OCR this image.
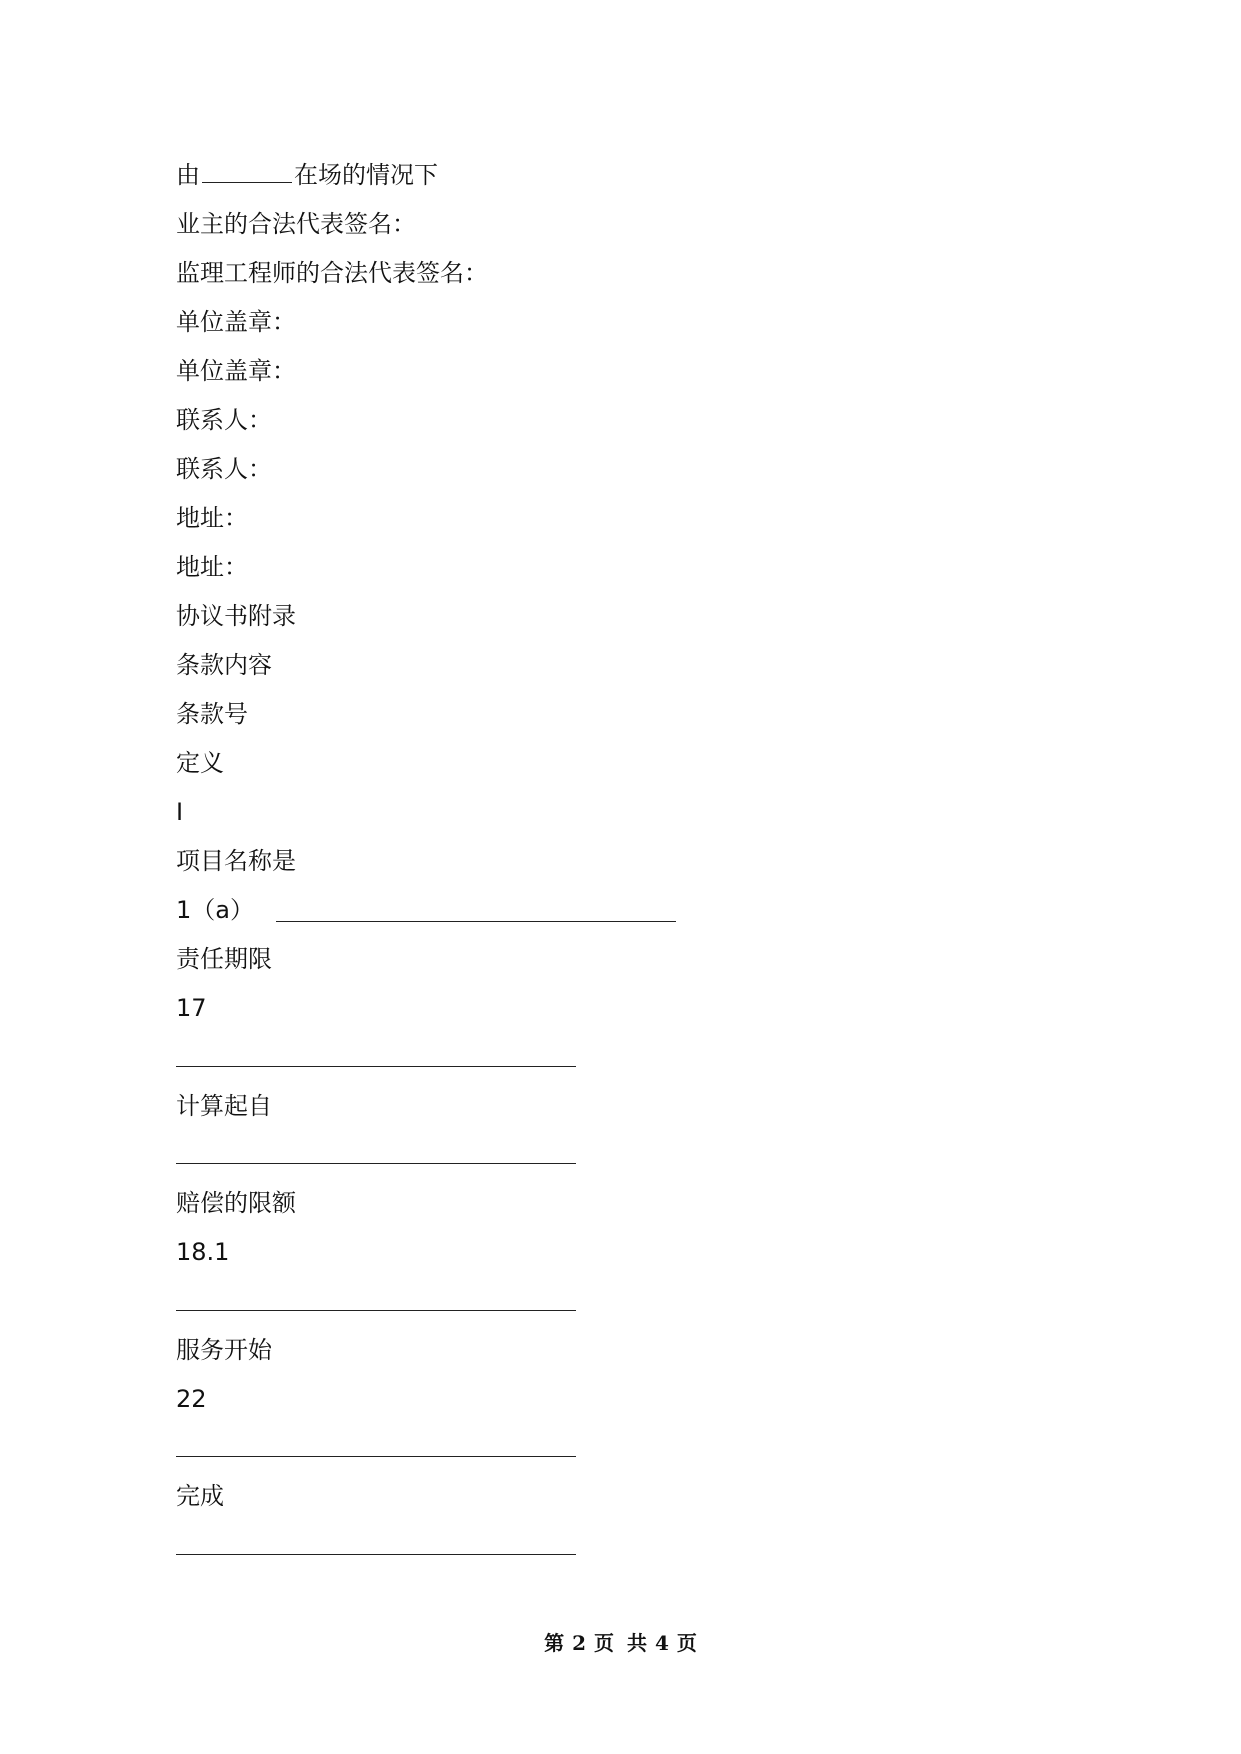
由	在场的情况下
业主的合法代表签名：
监理工程师的合法代表签名：
单位盖章：
单位盖章：
联系人：
联系人：
地址：
地址：
协议书附录
条款内容
条款号
定义
I
项目名称是
1（a）
责任期限
17
计算起自
赔偿的限额
18.1
服务开始
22
完成
第 2 页 共 4 页
